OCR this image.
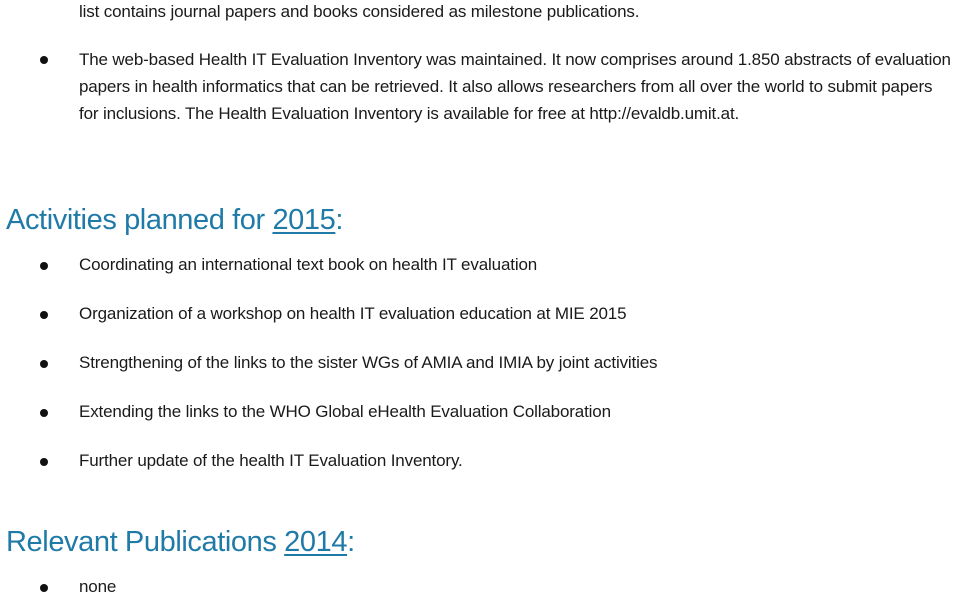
list contains journal papers and books considered as milestone publications.
The web-based Health IT Evaluation Inventory was maintained. It now comprises around 1.850 abstracts of evaluation
papers in health informatics that can be retrieved. It also allows researchers from all over the world to submit papers
for inclusions. The Health Evaluation Inventory is available for free at http://evaldb.umit.at.
Activities planned for 2015:
Coordinating an international text book on health IT evaluation
Organization of a workshop on health IT evaluation education at MIE 2015
Strengthening of the links to the sister WGs of AMIA and IMIA by joint activities
Extending the links to the WHO Global eHealth Evaluation Collaboration
Further update of the health IT Evaluation Inventory.
Relevant Publications 2014:
none
